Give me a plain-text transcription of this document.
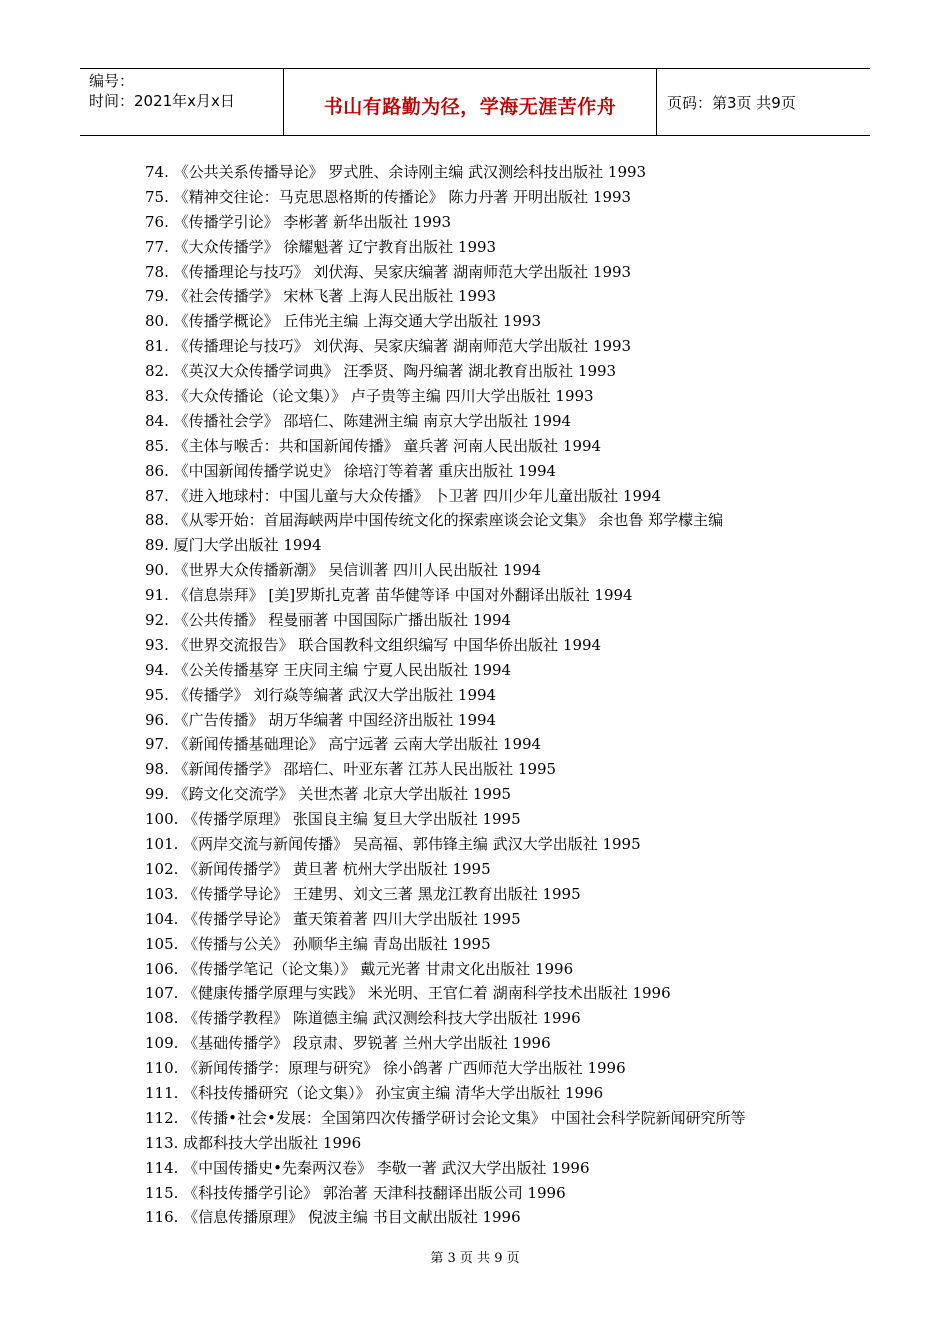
编号：
时间：2021年x月x日	书山有路勤为径，学海无涯苦作舟	页码：第3页 共9页
74. 《公共关系传播导论》 罗式胜、余诗刚主编 武汉测绘科技出版社 1993
75. 《精神交往论：马克思恩格斯的传播论》 陈力丹著 开明出版社 1993
76. 《传播学引论》 李彬著 新华出版社 1993
77. 《大众传播学》 徐耀魁著 辽宁教育出版社 1993
78. 《传播理论与技巧》 刘伏海、吴家庆编著 湖南师范大学出版社 1993
79. 《社会传播学》 宋林飞著 上海人民出版社 1993
80. 《传播学概论》 丘伟光主编 上海交通大学出版社 1993
81. 《传播理论与技巧》 刘伏海、吴家庆编著 湖南师范大学出版社 1993
82. 《英汉大众传播学词典》 汪季贤、陶丹编著 湖北教育出版社 1993
83. 《大众传播论（论文集）》 卢子贵等主编 四川大学出版社 1993
84. 《传播社会学》 邵培仁、陈建洲主编 南京大学出版社 1994
85. 《主体与喉舌：共和国新闻传播》 童兵著 河南人民出版社 1994
86. 《中国新闻传播学说史》 徐培汀等着著 重庆出版社 1994
87. 《进入地球村：中国儿童与大众传播》 卜卫著 四川少年儿童出版社 1994
88. 《从零开始：首届海峡两岸中国传统文化的探索座谈会论文集》 余也鲁 郑学檬主编
89. 厦门大学出版社 1994
90. 《世界大众传播新潮》 吴信训著 四川人民出版社 1994
91. 《信息崇拜》 [美]罗斯扎克著 苗华健等译 中国对外翻译出版社 1994
92. 《公共传播》 程曼丽著 中国国际广播出版社 1994
93. 《世界交流报告》 联合国教科文组织编写 中国华侨出版社 1994
94. 《公关传播基穿 王庆同主编 宁夏人民出版社 1994
95. 《传播学》 刘行焱等编著 武汉大学出版社 1994
96. 《广告传播》 胡万华编著 中国经济出版社 1994
97. 《新闻传播基础理论》 高宁远著 云南大学出版社 1994
98. 《新闻传播学》 邵培仁、叶亚东著 江苏人民出版社 1995
99. 《跨文化交流学》 关世杰著 北京大学出版社 1995
100. 《传播学原理》 张国良主编 复旦大学出版社 1995
101. 《两岸交流与新闻传播》 吴高福、郭伟锋主编 武汉大学出版社 1995
102. 《新闻传播学》 黄旦著 杭州大学出版社 1995
103. 《传播学导论》 王建男、刘文三著 黑龙江教育出版社 1995
104. 《传播学导论》 董天策着著 四川大学出版社 1995
105. 《传播与公关》 孙顺华主编 青岛出版社 1995
106. 《传播学笔记（论文集）》 戴元光著 甘肃文化出版社 1996
107. 《健康传播学原理与实践》 米光明、王官仁着 湖南科学技术出版社 1996
108. 《传播学教程》 陈道德主编 武汉测绘科技大学出版社 1996
109. 《基础传播学》 段京肃、罗锐著 兰州大学出版社 1996
110. 《新闻传播学：原理与研究》 徐小鸽著 广西师范大学出版社 1996
111. 《科技传播研究（论文集）》 孙宝寅主编 清华大学出版社 1996
112. 《传播•社会•发展：全国第四次传播学研讨会论文集》 中国社会科学院新闻研究所等
113. 成都科技大学出版社 1996
114. 《中国传播史•先秦两汉卷》 李敬一著 武汉大学出版社 1996
115. 《科技传播学引论》 郭治著 天津科技翻译出版公司 1996
116. 《信息传播原理》 倪波主编 书目文献出版社 1996
第 3 页 共 9 页
